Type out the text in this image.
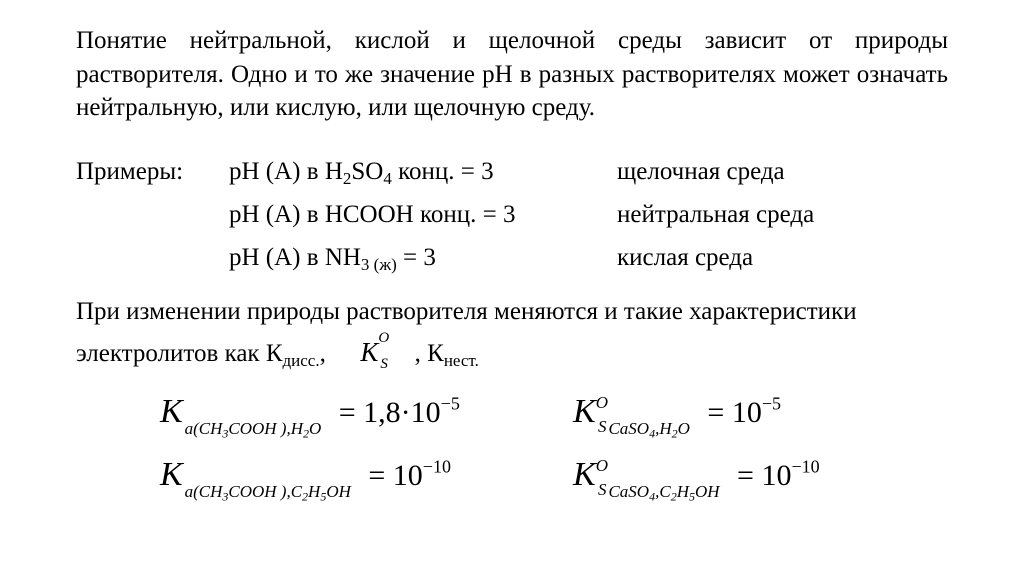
Понятие нейтральной, кислой и щелочной среды зависит от природы растворителя. Одно и то же значение pH в разных растворителях может означать нейтральную, или кислую, или щелочную среду.

Примеры: pH (A) в $H_2SO_4$ конц. = 3	щелочная среда
pH (A) в HCOOH конц. = 3	нейтральная среда
pH (A) в $NH_{3 (ж)} = 3$	кислая среда
При изменении природы растворителя меняются и такие характеристики
электролитов как $К_{дисс.}$, K O
S , $К_{нест.}$
К $_{a(CH_3COOH ),H_2O} = 1,8\cdot 10^{-5}$	$K^O_S$ $_{CaSO_4,H_2O} = 10^{-5}$
К $_{a(CH_3COOH ),C_2H_5OH} = 10^{-10}$	$K^O_S$ $_{CaSO_4,C_2H_5OH} = 10^{-10}$
